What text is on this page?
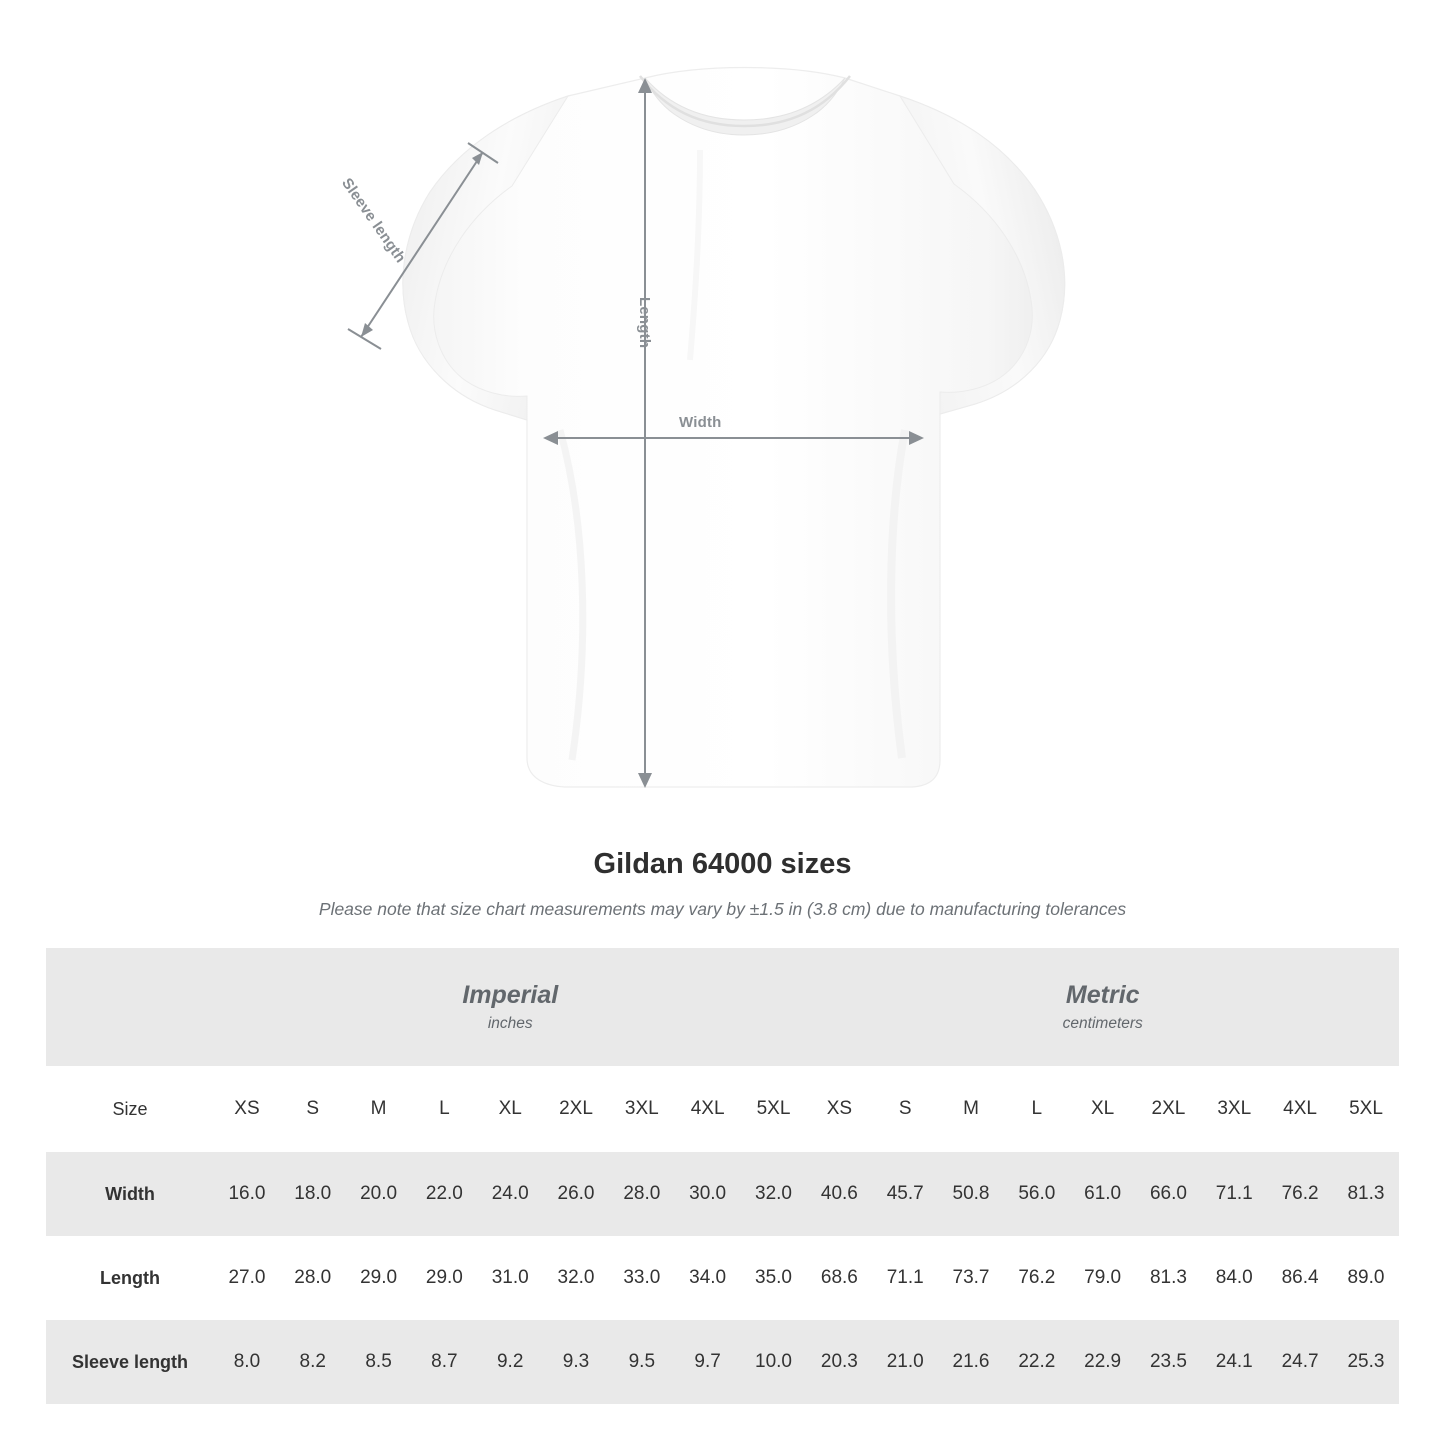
Sleeve length
Length
Width
Gildan 64000 sizes
Please note that size chart measurements may vary by ±1.5 in (3.8 cm) due to manufacturing tolerances

Imperial
inches

Metric
centimeters

Size	XS	S	M	L	XL	2XL	3XL	4XL	5XL	XS	S	M	L	XL	2XL	3XL	4XL	5XL
Width	16.0	18.0	20.0	22.0	24.0	26.0	28.0	30.0	32.0	40.6	45.7	50.8	56.0	61.0	66.0	71.1	76.2	81.3
Length	27.0	28.0	29.0	29.0	31.0	32.0	33.0	34.0	35.0	68.6	71.1	73.7	76.2	79.0	81.3	84.0	86.4	89.0
Sleeve length	8.0	8.2	8.5	8.7	9.2	9.3	9.5	9.7	10.0	20.3	21.0	21.6	22.2	22.9	23.5	24.1	24.7	25.3
